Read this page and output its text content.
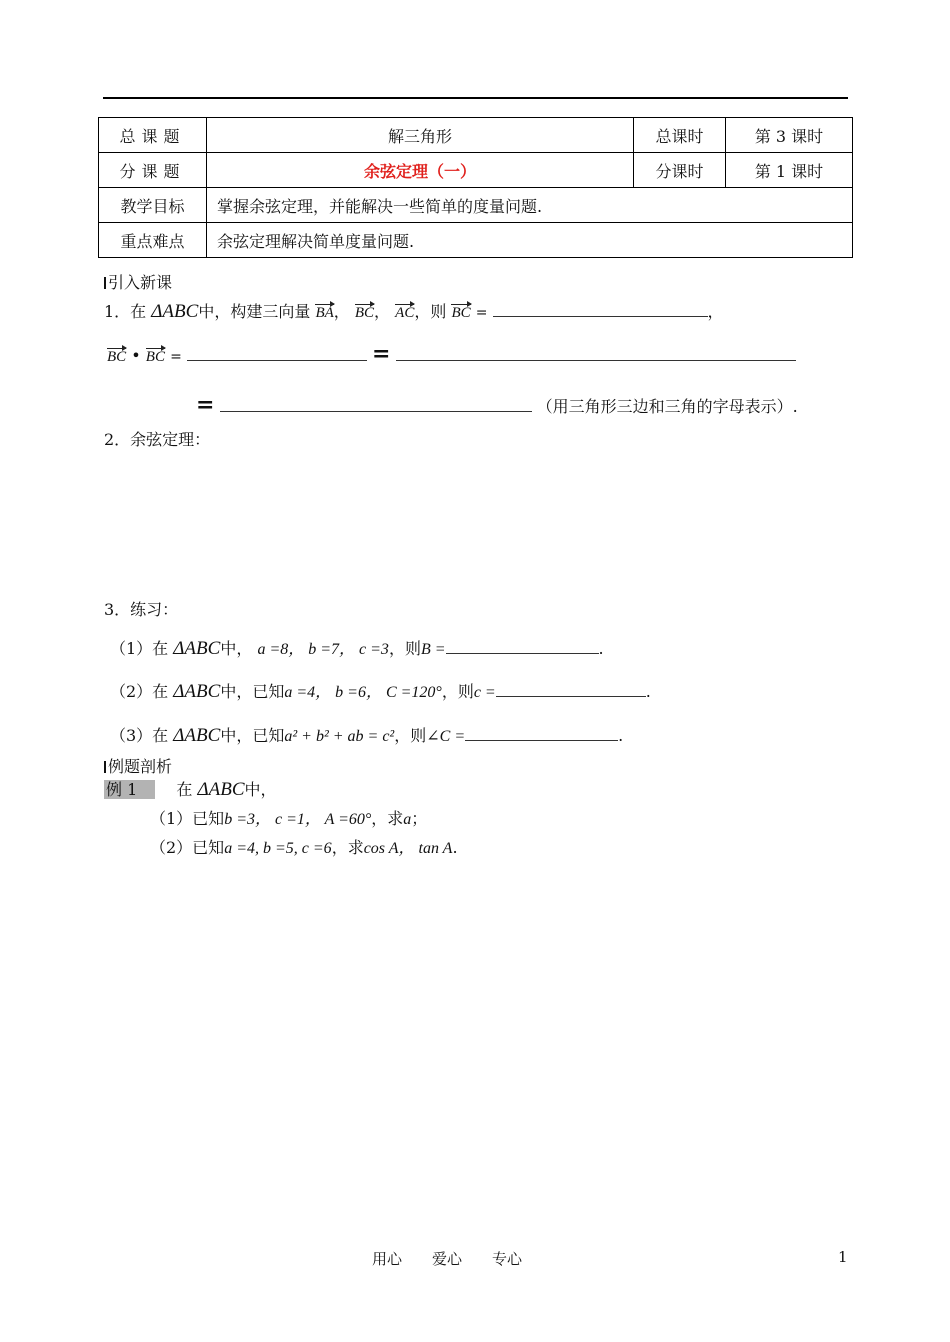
总课题	解三角形	总课时	第 3 课时
分课题	余弦定理（一）	分课时	第 1 课时
教学目标	掌握余弦定理，并能解决一些简单的度量问题.		
重点难点	余弦定理解决简单度量问题.		
引入新课
1．在 ΔABC中，构建三向量 BA， BC， AC，则 BC =	，
BC • BC =	=
=	（用三角形三边和三角的字母表示）.
2．余弦定理：
3．练习：
（1）在 ΔABC中， a =8， b =7， c =3，则B =	.
（2）在 ΔABC中，已知a =4， b =6， C =120°，则c =	.
（3）在 ΔABC中，已知a² + b² + ab = c²，则∠C =	.
例题剖析
例 1 在 ΔABC中，
（1）已知b =3， c =1， A =60°，求a；
（2）已知a =4, b =5, c =6，求cos A， tan A.
用心　　爱心　　专心	1
